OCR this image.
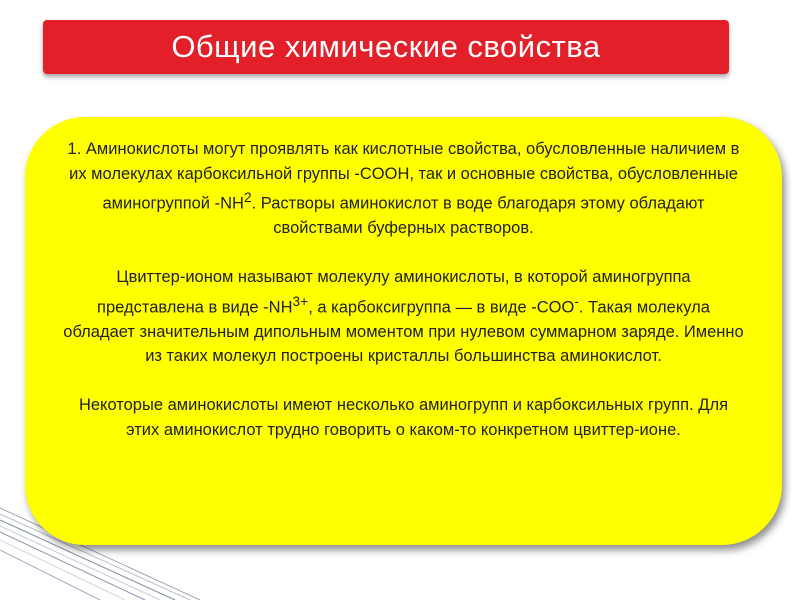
Общие химические свойства

1. Аминокислоты могут проявлять как кислотные свойства, обусловленные наличием в их молекулах карбоксильной группы -COOH, так и основные свойства, обусловленные аминогруппой $-NH^2$. Растворы аминокислот в воде благодаря этому обладают свойствами буферных растворов.

Цвиттер-ионом называют молекулу аминокислоты, в которой аминогруппа представлена в виде $-NH^{3+}$, а карбоксигруппа — в виде -COO-. Такая молекула обладает значительным дипольным моментом при нулевом суммарном заряде. Именно из таких молекул построены кристаллы большинства аминокислот.

Некоторые аминокислоты имеют несколько аминогрупп и карбоксильных групп. Для этих аминокислот трудно говорить о каком-то конкретном цвиттер-ионе.
